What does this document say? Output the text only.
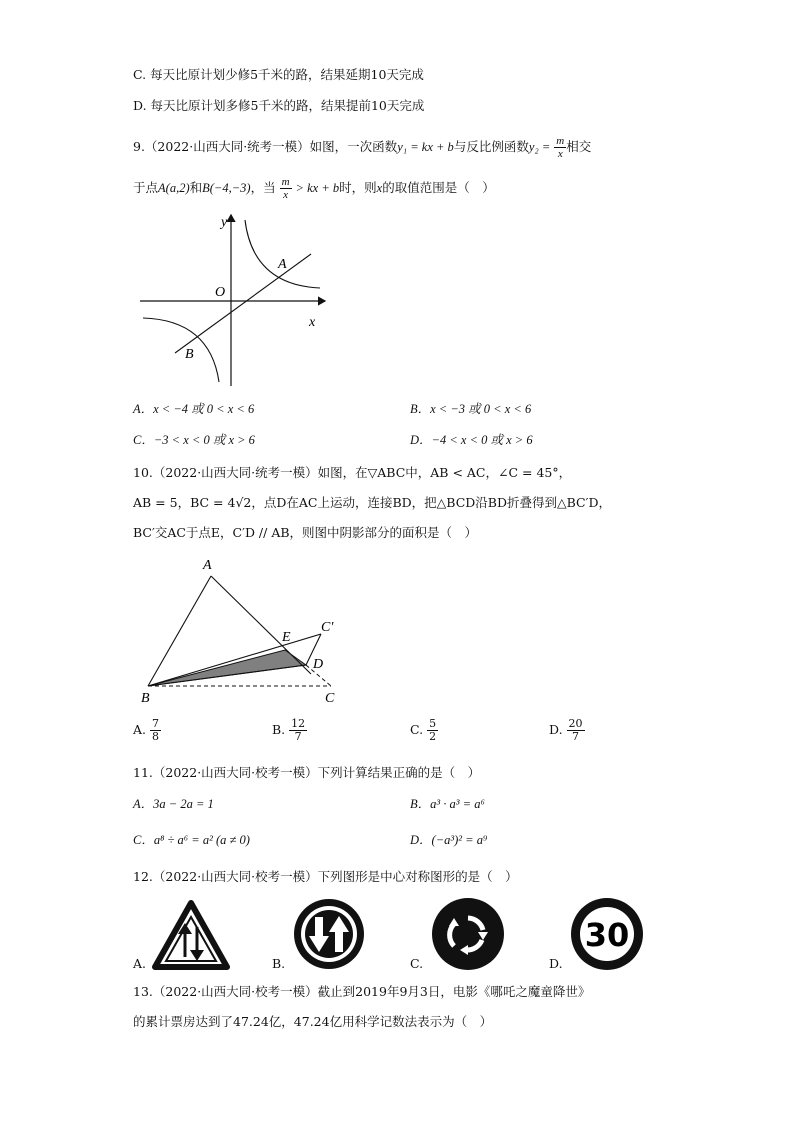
C. 每天比原计划少修5千米的路，结果延期10天完成
D. 每天比原计划多修5千米的路，结果提前10天完成
9.（2022·山西大同·统考一模）如图，一次函数y₁ = kx + b与反比例函数$y_2 = \frac{m}{x}$ 相交
于点A(a,2)和B(−4,−3)，当 $\frac{m}{x}$ > kx + b时，则x的取值范围是（　）
y
x
O
A
B
A．x < −4 或 0 < x < 6	B．x < −3 或 0 < x < 6
C．−3 < x < 0 或 x > 6	D．−4 < x < 0 或 x > 6
10.（2022·山西大同·统考一模）如图，在▽ABC中，AB < AC，∠C = 45°，
AB = 5，BC = 4√2，点D在AC上运动，连接BD，把△BCD沿BD折叠得到△BC′D，
BC′交AC于点E，C′D // AB，则图中阴影部分的面积是（　）
A
B	C
C′
D
E
A. $\frac{7}{8}$	B. $\frac{12}{7}$	C. $\frac{5}{2}$	D. $\frac{20}{7}$
11.（2022·山西大同·校考一模）下列计算结果正确的是（　）
A．3a − 2a = 1	B．a³ · a³ = a⁶
C．a⁸ ÷ a⁶ = a² (a ≠ 0)	D．(−a³)² = a⁹
12.（2022·山西大同·校考一模）下列图形是中心对称图形的是（　）
30
A.	B.	C.	D.
13.（2022·山西大同·校考一模）截止到2019年9月3日，电影《哪吒之魔童降世》
的累计票房达到了47.24亿，47.24亿用科学记数法表示为（　）
